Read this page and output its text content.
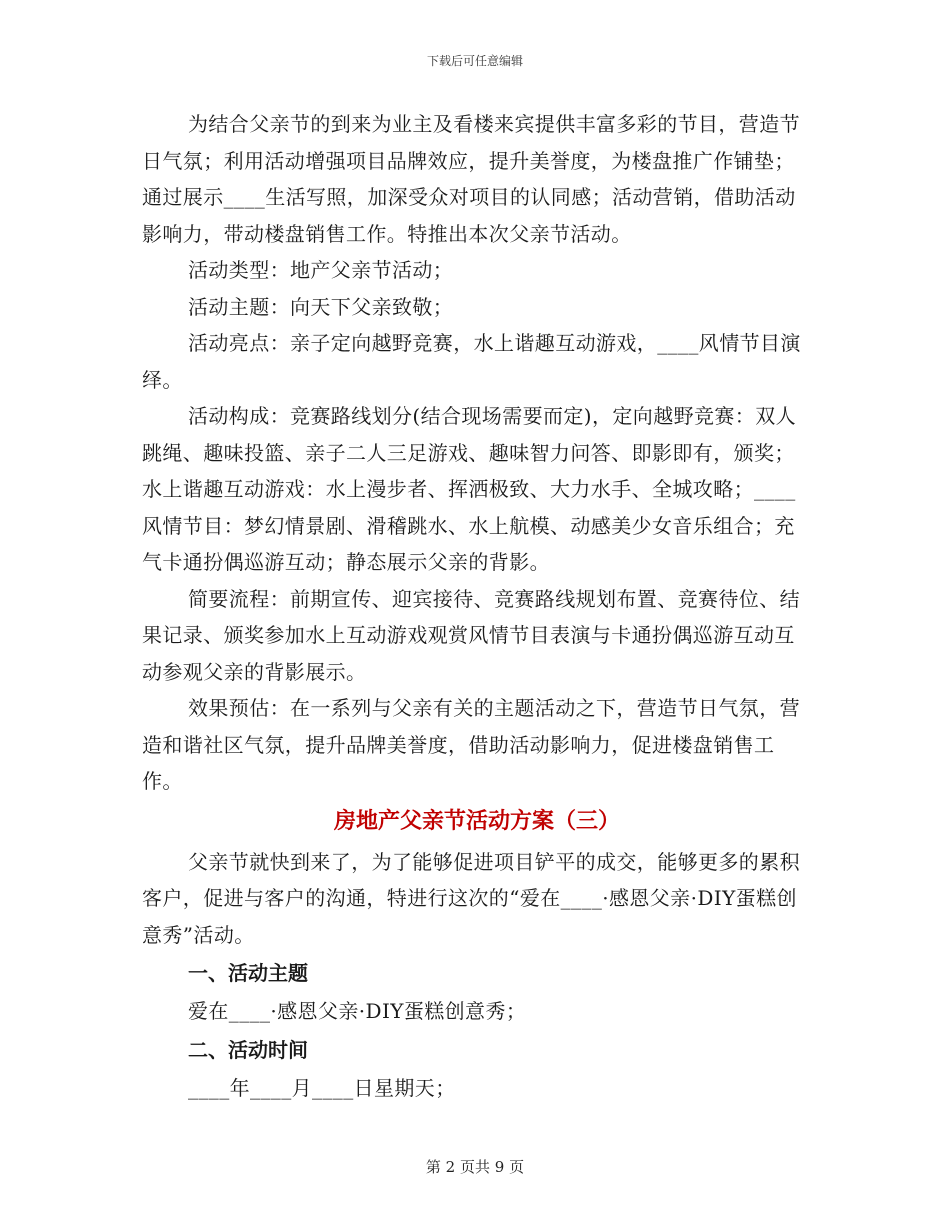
下载后可任意编辑

为结合父亲节的到来为业主及看楼来宾提供丰富多彩的节目，营造节日气氛；利用活动增强项目品牌效应，提升美誉度，为楼盘推广作铺垫；通过展示____生活写照，加深受众对项目的认同感；活动营销，借助活动影响力，带动楼盘销售工作。特推出本次父亲节活动。

活动类型：地产父亲节活动；

活动主题：向天下父亲致敬；

活动亮点：亲子定向越野竞赛，水上谐趣互动游戏，____风情节目演绎。

活动构成：竞赛路线划分(结合现场需要而定)，定向越野竞赛：双人跳绳、趣味投篮、亲子二人三足游戏、趣味智力问答、即影即有，颁奖；水上谐趣互动游戏：水上漫步者、挥洒极致、大力水手、全城攻略；____风情节目：梦幻情景剧、滑稽跳水、水上航模、动感美少女音乐组合；充气卡通扮偶巡游互动；静态展示父亲的背影。

简要流程：前期宣传、迎宾接待、竞赛路线规划布置、竞赛待位、结果记录、颁奖参加水上互动游戏观赏风情节目表演与卡通扮偶巡游互动互动参观父亲的背影展示。

效果预估：在一系列与父亲有关的主题活动之下，营造节日气氛，营造和谐社区气氛，提升品牌美誉度，借助活动影响力，促进楼盘销售工作。

房地产父亲节活动方案（三）

父亲节就快到来了，为了能够促进项目铲平的成交，能够更多的累积客户，促进与客户的沟通，特进行这次的“爱在____·感恩父亲·DIY蛋糕创意秀”活动。

一、活动主题

爱在____·感恩父亲·DIY蛋糕创意秀；

二、活动时间

____年____月____日星期天；

第 2 页共 9 页
